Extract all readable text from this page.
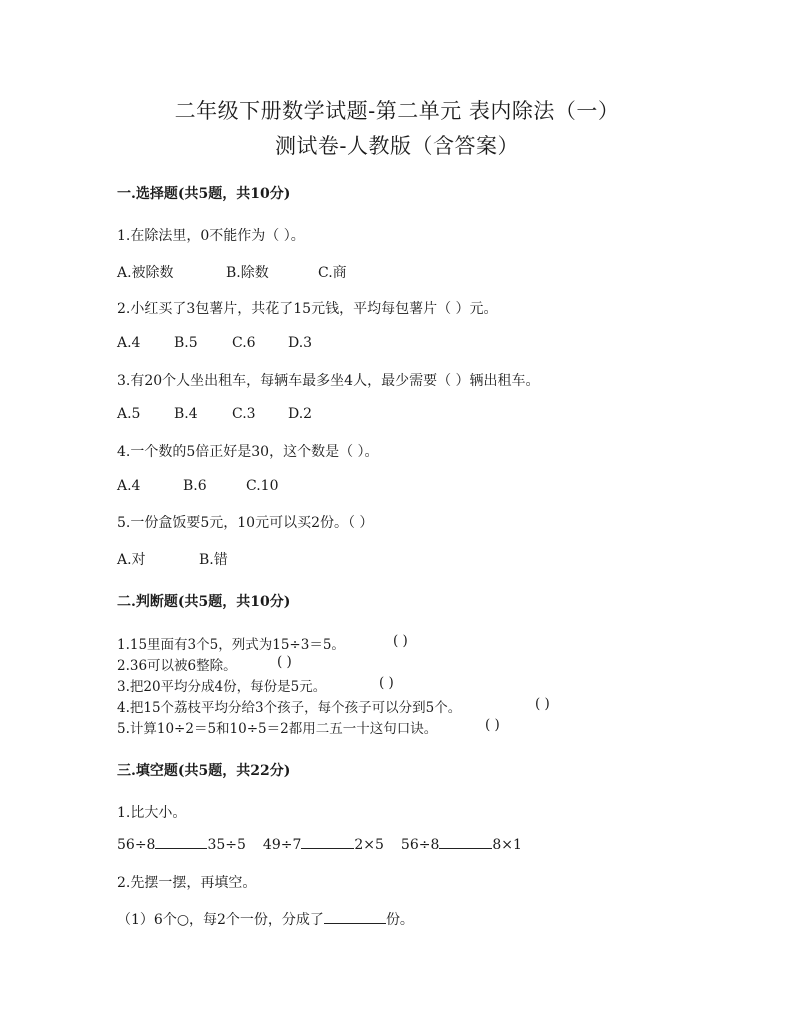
二年级下册数学试题-第二单元 表内除法（一）
测试卷-人教版（含答案）
一.选择题(共5题，共10分)
1.在除法里，0不能作为（ ）。
A.被除数	B.除数	C.商
2.小红买了3包薯片，共花了15元钱，平均每包薯片（ ）元。
A.4 B.5 C.6 D.3
3.有20个人坐出租车，每辆车最多坐4人，最少需要（ ）辆出租车。
A.5 B.4 C.3 D.2
4.一个数的5倍正好是30，这个数是（ ）。
A.4	B.6	C.10
5.一份盒饭要5元，10元可以买2份。（ ）
A.对	B.错
二.判断题(共5题，共10分)
1.15里面有3个5，列式为15÷3＝5。	( )
2.36可以被6整除。	( )
3.把20平均分成4份，每份是5元。	( )
4.把15个荔枝平均分给3个孩子，每个孩子可以分到5个。	( )
5.计算10÷2＝5和10÷5＝2都用二五一十这句口诀。	( )
三.填空题(共5题，共22分)
1.比大小。
56÷8	35÷5 49÷7	2×5 56÷8	8×1
2.先摆一摆，再填空。
（1）6个○，每2个一份，分成了	份。
